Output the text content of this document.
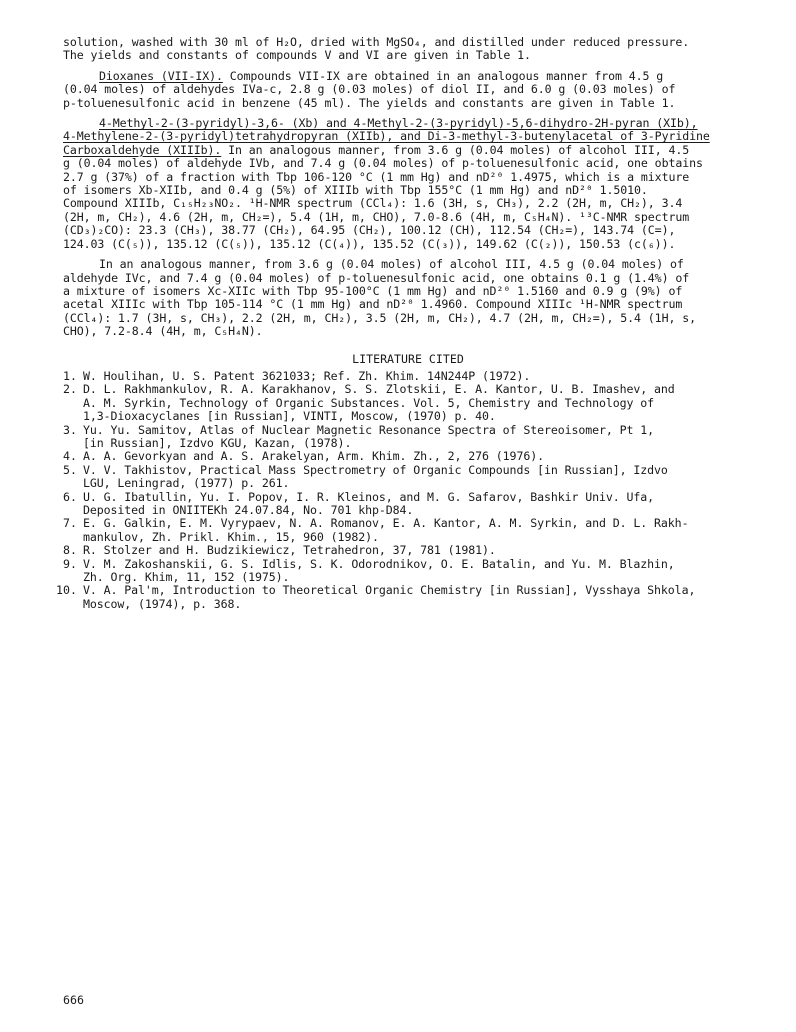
solution, washed with 30 ml of H₂O, dried with MgSO₄, and distilled under reduced pressure.
The yields and constants of compounds V and VI are given in Table 1.

Dioxanes (VII-IX). Compounds VII-IX are obtained in an analogous manner from 4.5 g
(0.04 moles) of aldehydes IVa-c, 2.8 g (0.03 moles) of diol II, and 6.0 g (0.03 moles) of
p-toluenesulfonic acid in benzene (45 ml). The yields and constants are given in Table 1.

4-Methyl-2-(3-pyridyl)-3,6- (Xb) and 4-Methyl-2-(3-pyridyl)-5,6-dihydro-2H-pyran (XIb),
4-Methylene-2-(3-pyridyl)tetrahydropyran (XIIb), and Di-3-methyl-3-butenylacetal of 3-Pyridine
Carboxaldehyde (XIIIb). In an analogous manner, from 3.6 g (0.04 moles) of alcohol III, 4.5
g (0.04 moles) of aldehyde IVb, and 7.4 g (0.04 moles) of p-toluenesulfonic acid, one obtains
2.7 g (37%) of a fraction with Tbp 106-120 °C (1 mm Hg) and nD²⁰ 1.4975, which is a mixture
of isomers Xb-XIIb, and 0.4 g (5%) of XIIIb with Tbp 155°C (1 mm Hg) and nD²⁰ 1.5010.
Compound XIIIb, C₁₅H₂₃NO₂. ¹H-NMR spectrum (CCl₄): 1.6 (3H, s, CH₃), 2.2 (2H, m, CH₂), 3.4
(2H, m, CH₂), 4.6 (2H, m, CH₂=), 5.4 (1H, m, CHO), 7.0-8.6 (4H, m, C₅H₄N). ¹³C-NMR spectrum
(CD₃)₂CO): 23.3 (CH₃), 38.77 (CH₂), 64.95 (CH₂), 100.12 (CH), 112.54 (CH₂=), 143.74 (C=),
124.03 (C(₅)), 135.12 (C(₅)), 135.12 (C(₄)), 135.52 (C(₃)), 149.62 (C(₂)), 150.53 (c(₆)).

In an analogous manner, from 3.6 g (0.04 moles) of alcohol III, 4.5 g (0.04 moles) of
aldehyde IVc, and 7.4 g (0.04 moles) of p-toluenesulfonic acid, one obtains 0.1 g (1.4%) of
a mixture of isomers Xc-XIIc with Tbp 95-100°C (1 mm Hg) and nD²⁰ 1.5160 and 0.9 g (9%) of
acetal XIIIc with Tbp 105-114 °C (1 mm Hg) and nD²⁰ 1.4960. Compound XIIIc ¹H-NMR spectrum
(CCl₄): 1.7 (3H, s, CH₃), 2.2 (2H, m, CH₂), 3.5 (2H, m, CH₂), 4.7 (2H, m, CH₂=), 5.4 (1H, s,
CHO), 7.2-8.4 (4H, m, C₅H₄N).

LITERATURE CITED
1. W. Houlihan, U. S. Patent 3621033; Ref. Zh. Khim. 14N244P (1972).
2. D. L. Rakhmankulov, R. A. Karakhanov, S. S. Zlotskii, E. A. Kantor, U. B. Imashev, and
A. M. Syrkin, Technology of Organic Substances. Vol. 5, Chemistry and Technology of
1,3-Dioxacyclanes [in Russian], VINTI, Moscow, (1970) p. 40.
3. Yu. Yu. Samitov, Atlas of Nuclear Magnetic Resonance Spectra of Stereoisomer, Pt 1,
[in Russian], Izdvo KGU, Kazan, (1978).
4. A. A. Gevorkyan and A. S. Arakelyan, Arm. Khim. Zh., 2, 276 (1976).
5. V. V. Takhistov, Practical Mass Spectrometry of Organic Compounds [in Russian], Izdvo
LGU, Leningrad, (1977) p. 261.
6. U. G. Ibatullin, Yu. I. Popov, I. R. Kleinos, and M. G. Safarov, Bashkir Univ. Ufa,
Deposited in ONIITEKh 24.07.84, No. 701 khp-D84.
7. E. G. Galkin, E. M. Vyrypaev, N. A. Romanov, E. A. Kantor, A. M. Syrkin, and D. L. Rakh-
mankulov, Zh. Prikl. Khim., 15, 960 (1982).
8. R. Stolzer and H. Budzikiewicz, Tetrahedron, 37, 781 (1981).
9. V. M. Zakoshanskii, G. S. Idlis, S. K. Odorodnikov, O. E. Batalin, and Yu. M. Blazhin,
Zh. Org. Khim, 11, 152 (1975).
10. V. A. Pal'm, Introduction to Theoretical Organic Chemistry [in Russian], Vysshaya Shkola,
Moscow, (1974), p. 368.
666
